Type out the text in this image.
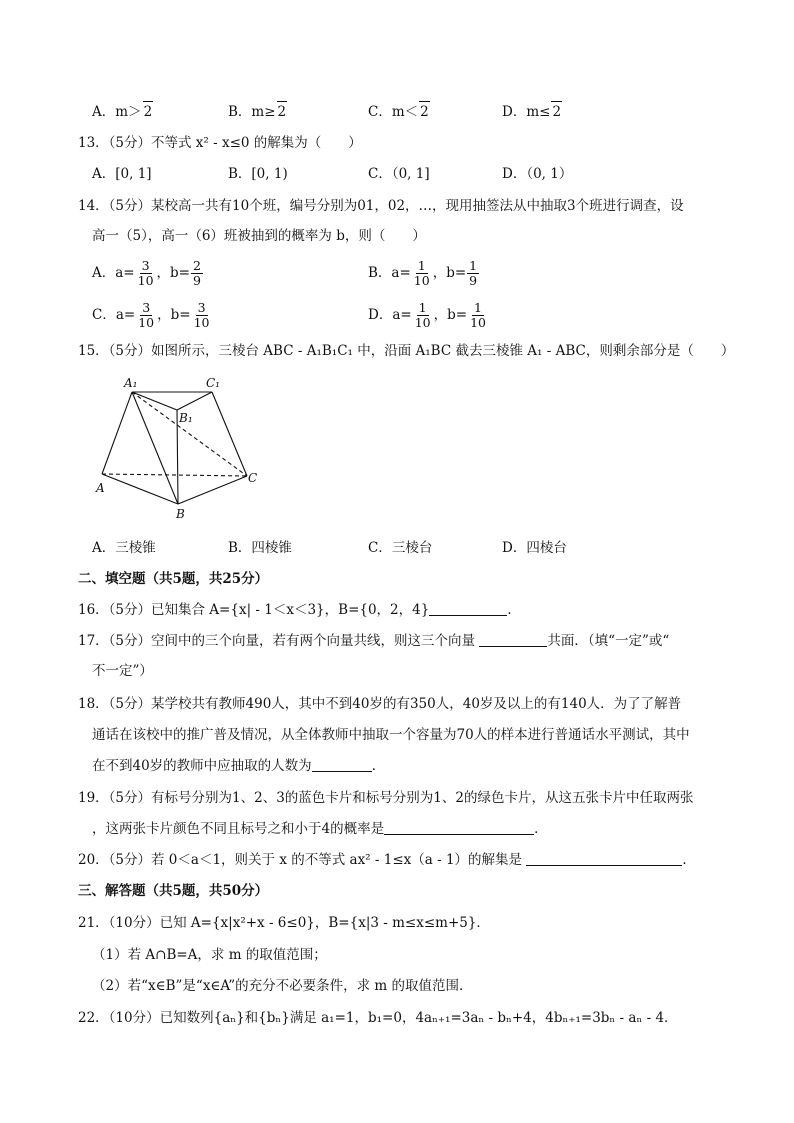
A．m＞ 2	B．m≥ 2	C．m＜ 2	D．m≤ 2
13．（5分）不等式 x² - x≤0 的解集为（　　）
A．[0, 1]	B．[0, 1)	C．（0, 1]	D．（0, 1）
14．（5分）某校高一共有10个班，编号分别为01，02，…，现用抽签法从中抽取3个班进行调查，设
高一（5），高一（6）班被抽到的概率为 b，则（　　）
A．$a= \frac{3}{10}$ ，$b= \frac{2}{9}$	B．$a= \frac{1}{10}$ ，$b= \frac{1}{9}$
C．$a= \frac{3}{10}$ ，$b= \frac{3}{10}$	D．$a= \frac{1}{10}$ ，$b= \frac{1}{10}$
15．（5分）如图所示，三棱台 ABC - A₁B₁C₁ 中，沿面 A₁BC 截去三棱锥 A₁ - ABC，则剩余部分是（　　）
A₁	C₁
B₁
A
B
C
A．三棱锥	B．四棱锥	C．三棱台	D．四棱台
二、填空题（共5题，共25分）
16．（5分）已知集合 A={x| - 1＜x＜3}，B={0，2，4}	．
17．（5分）空间中的三个向量，若有两个向量共线，则这三个向量	共面．（填“一定”或“
不一定”）
18．（5分）某学校共有教师490人，其中不到40岁的有350人，40岁及以上的有140人．为了了解普
通话在该校中的推广普及情况，从全体教师中抽取一个容量为70人的样本进行普通话水平测试，其中
在不到40岁的教师中应抽取的人数为	．
19．（5分）有标号分别为1、2、3的蓝色卡片和标号分别为1、2的绿色卡片，从这五张卡片中任取两张
，这两张卡片颜色不同且标号之和小于4的概率是	．
20．（5分）若 0＜a＜1，则关于 x 的不等式 ax² - 1≤x（a - 1）的解集是	．
三、解答题（共5题，共50分）
21．（10分）已知 A={x|x²+x - 6≤0}，B={x|3 - m≤x≤m+5}．
（1）若 A∩B=A，求 m 的取值范围；
（2）若“x∈B”是“x∈A”的充分不必要条件，求 m 的取值范围．
22．（10分）已知数列{aₙ}和{bₙ}满足 a₁=1，b₁=0，4aₙ₊₁=3aₙ - bₙ+4，4bₙ₊₁=3bₙ - aₙ - 4．
